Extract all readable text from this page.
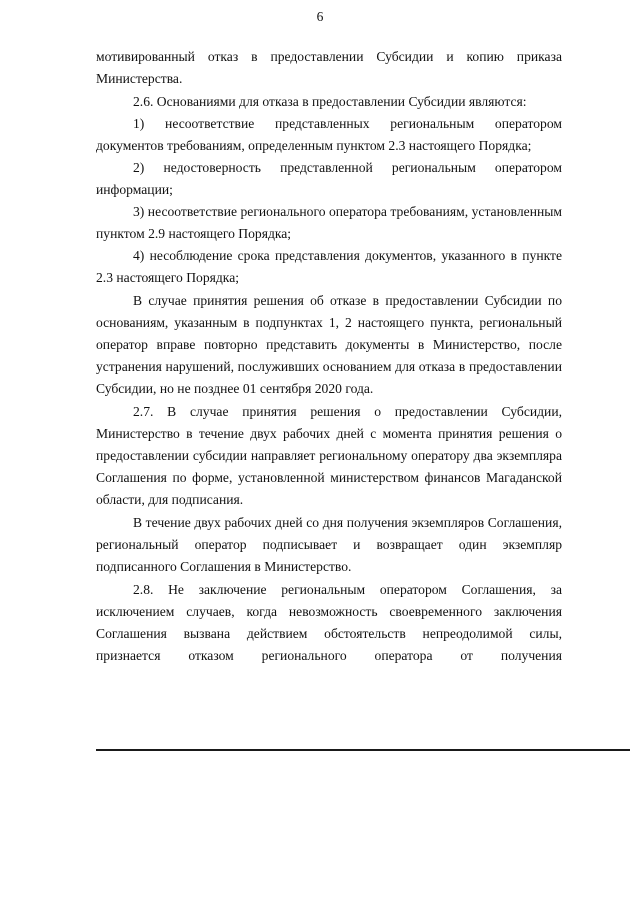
6

мотивированный отказ в предоставлении Субсидии и копию приказа Министерства.

2.6. Основаниями для отказа в предоставлении Субсидии являются:

1) несоответствие представленных региональным оператором документов требованиям, определенным пунктом 2.3 настоящего Порядка;

2) недостоверность представленной региональным оператором информации;

3) несоответствие регионального оператора требованиям, установленным пунктом 2.9 настоящего Порядка;

4) несоблюдение срока представления документов, указанного в пункте 2.3 настоящего Порядка;

В случае принятия решения об отказе в предоставлении Субсидии по основаниям, указанным в подпунктах 1, 2 настоящего пункта, региональный оператор вправе повторно представить документы в Министерство, после устранения нарушений, послуживших основанием для отказа в предоставлении Субсидии, но не позднее 01 сентября 2020 года.

2.7. В случае принятия решения о предоставлении Субсидии, Министерство в течение двух рабочих дней с момента принятия решения о предоставлении субсидии направляет региональному оператору два экземпляра Соглашения по форме, установленной министерством финансов Магаданской области, для подписания.

В течение двух рабочих дней со дня получения экземпляров Соглашения, региональный оператор подписывает и возвращает один экземпляр подписанного Соглашения в Министерство.

2.8. Не заключение региональным оператором Соглашения, за исключением случаев, когда невозможность своевременного заключения Соглашения вызвана действием обстоятельств непреодолимой силы, признается отказом регионального оператора от получения
